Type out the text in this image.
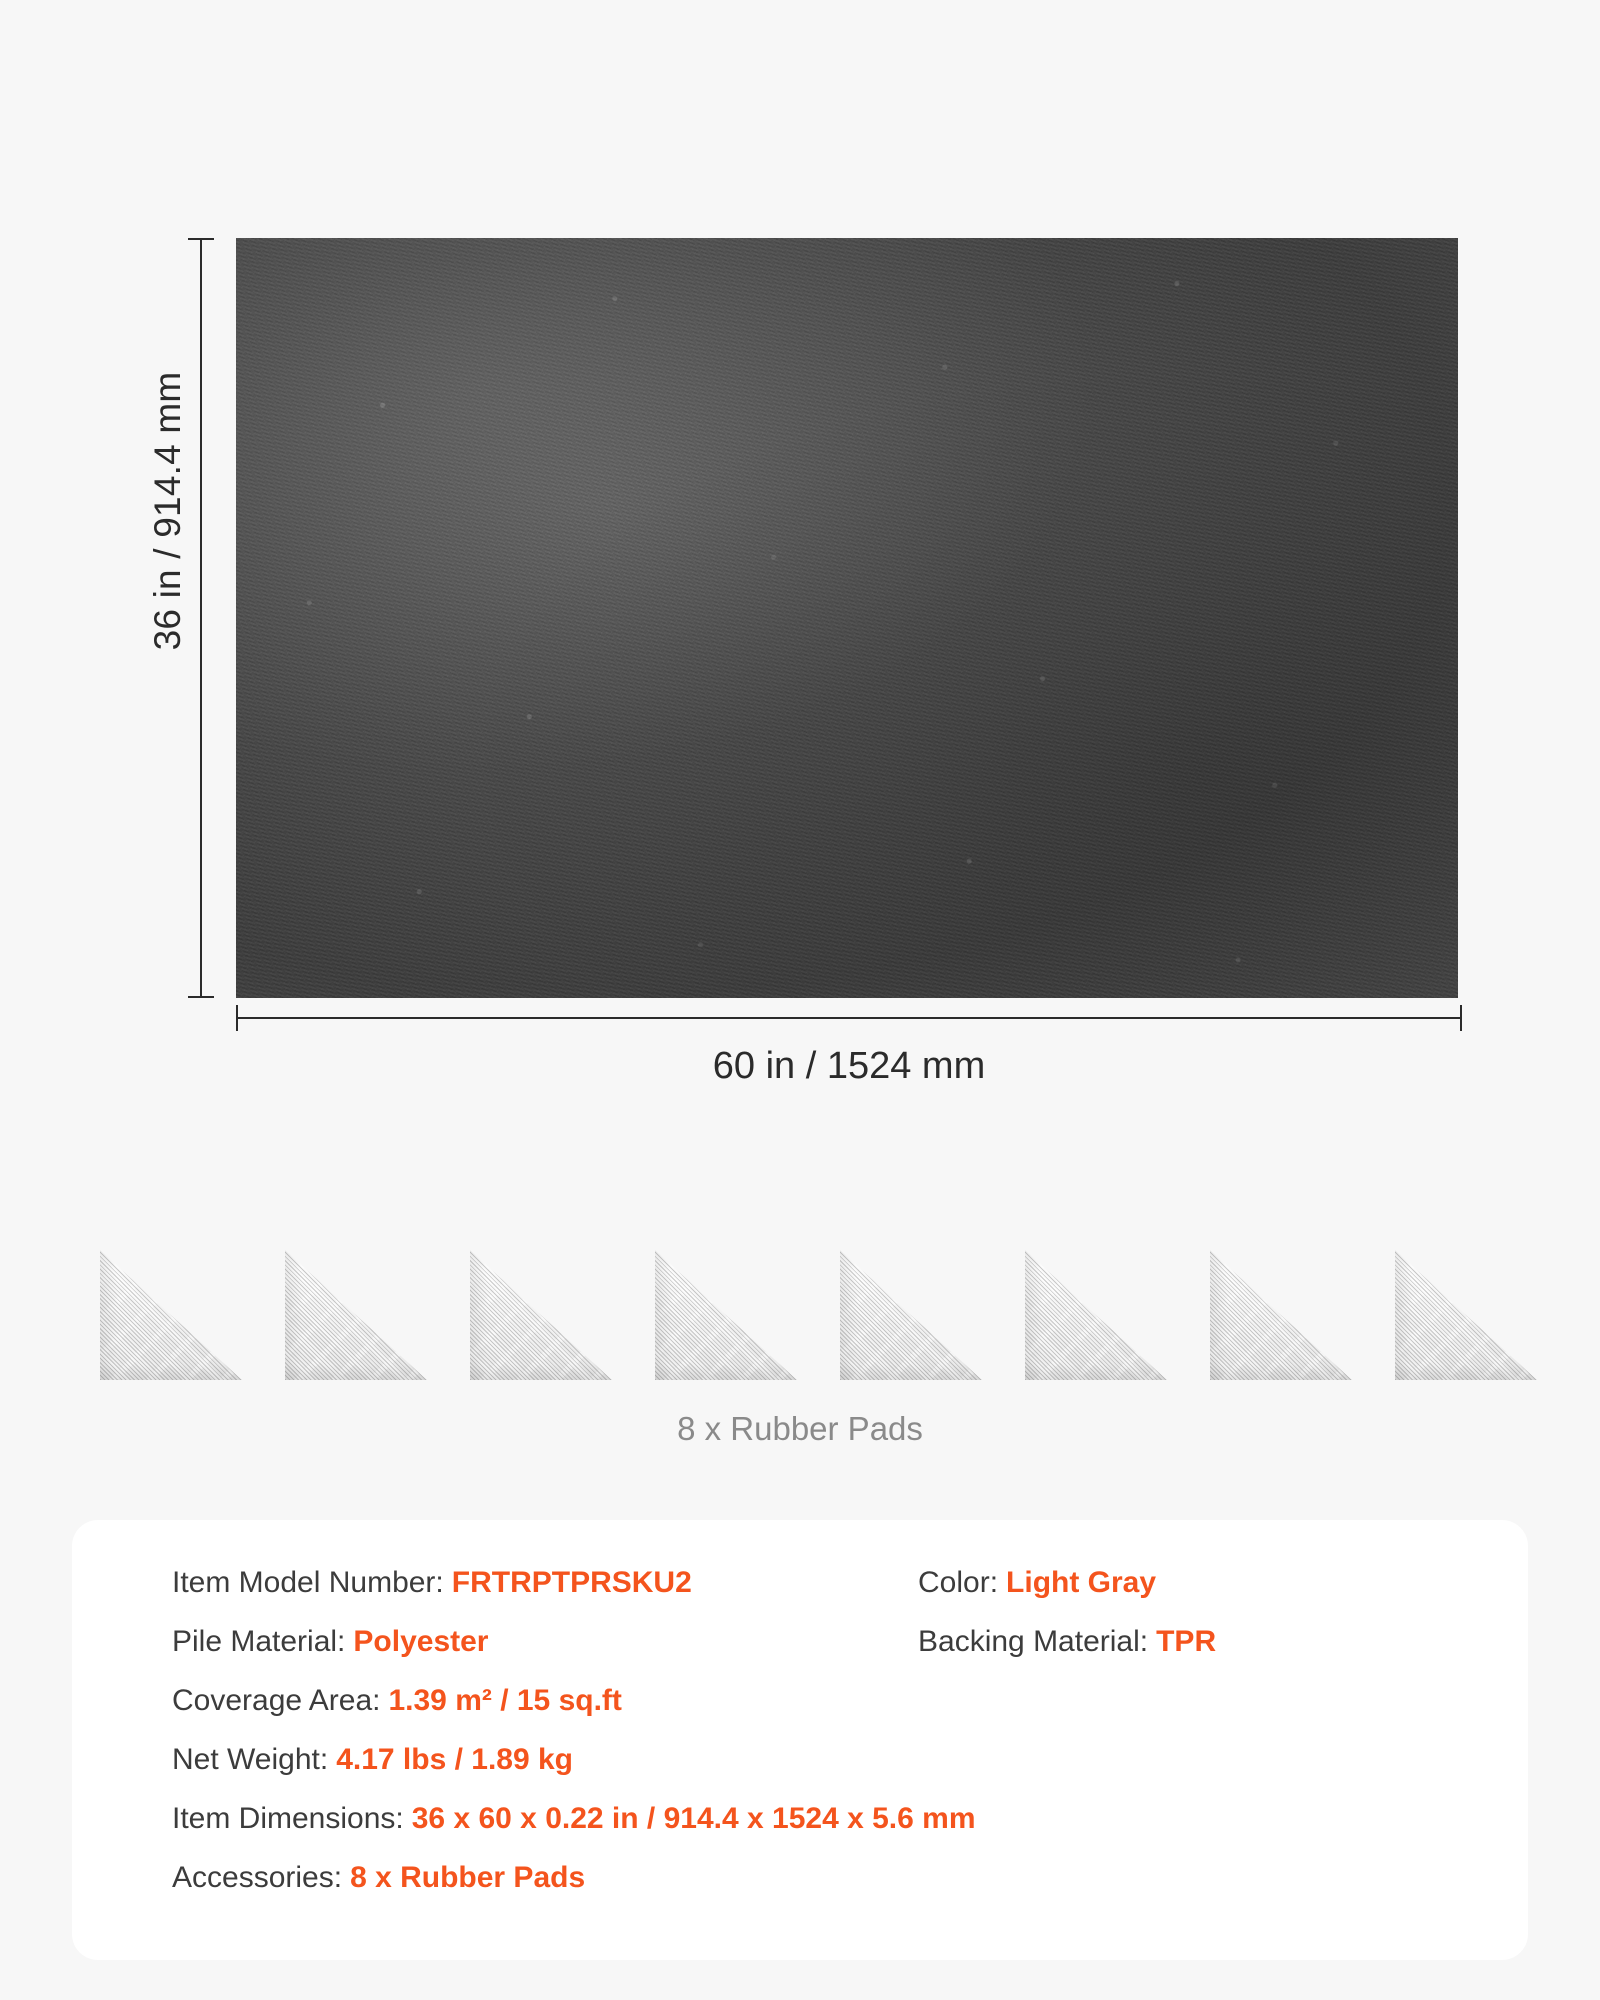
36 in / 914.4 mm
60 in / 1524 mm
8 x Rubber Pads
Item Model Number: FRTRPTPRSKU2	Color: Light Gray
Pile Material: Polyester	Backing Material: TPR
Coverage Area: 1.39 m² / 15 sq.ft
Net Weight: 4.17 lbs / 1.89 kg
Item Dimensions: 36 x 60 x 0.22 in / 914.4 x 1524 x 5.6 mm
Accessories: 8 x Rubber Pads
